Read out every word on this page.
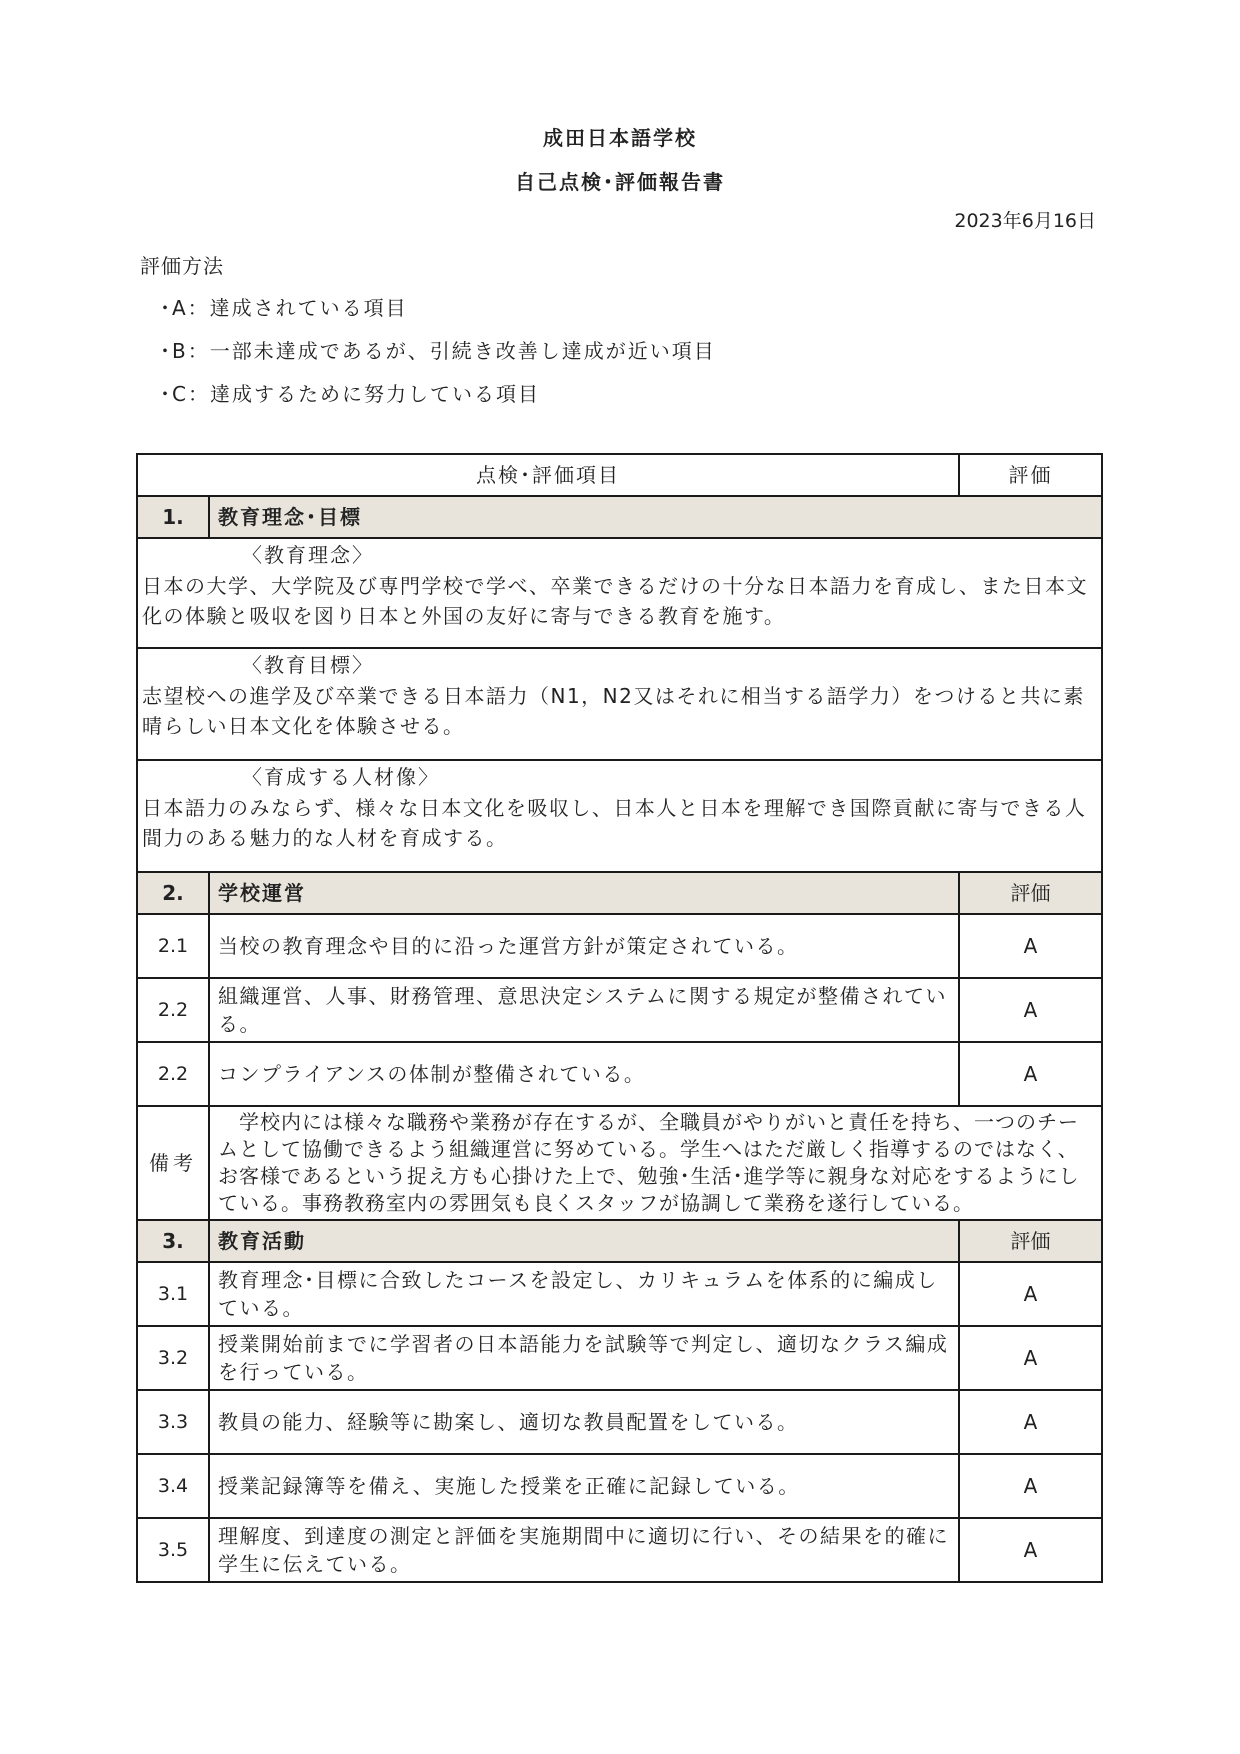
成田日本語学校
自己点検･評価報告書
2023年6月16日
評価方法
･A：達成されている項目
･B：一部未達成であるが、引続き改善し達成が近い項目
･C：達成するために努力している項目
点検･評価項目		評価
1.	教育理念･目標	

〈教育理念〉
日本の大学、大学院及び専門学校で学べ、卒業できるだけの十分な日本語力を育成し、また日本文化の体験と吸収を図り日本と外国の友好に寄与できる教育を施す。		

〈教育目標〉
志望校への進学及び卒業できる日本語力（N1，N2又はそれに相当する語学力）をつけると共に素晴らしい日本文化を体験させる。		

〈育成する人材像〉
日本語力のみならず、様々な日本文化を吸収し、日本人と日本を理解でき国際貢献に寄与できる人間力のある魅力的な人材を育成する。		

2.	学校運営	評価
2.1	当校の教育理念や目的に沿った運営方針が策定されている。	A
2.2	組織運営、人事、財務管理、意思決定システムに関する規定が整備されている。	A
2.2	コンプライアンスの体制が整備されている。	A
備考	　学校内には様々な職務や業務が存在するが、全職員がやりがいと責任を持ち、一つのチームとして協働できるよう組織運営に努めている。学生へはただ厳しく指導するのではなく、お客様であるという捉え方も心掛けた上で、勉強･生活･進学等に親身な対応をするようにしている。事務教務室内の雰囲気も良くスタッフが協調して業務を遂行している。	
3.	教育活動	評価
3.1	教育理念･目標に合致したコースを設定し、カリキュラムを体系的に編成している。	A
3.2	授業開始前までに学習者の日本語能力を試験等で判定し、適切なクラス編成を行っている。	A
3.3	教員の能力、経験等に勘案し、適切な教員配置をしている。	A
3.4	授業記録簿等を備え、実施した授業を正確に記録している。	A
3.5	理解度、到達度の測定と評価を実施期間中に適切に行い、その結果を的確に学生に伝えている。	A
